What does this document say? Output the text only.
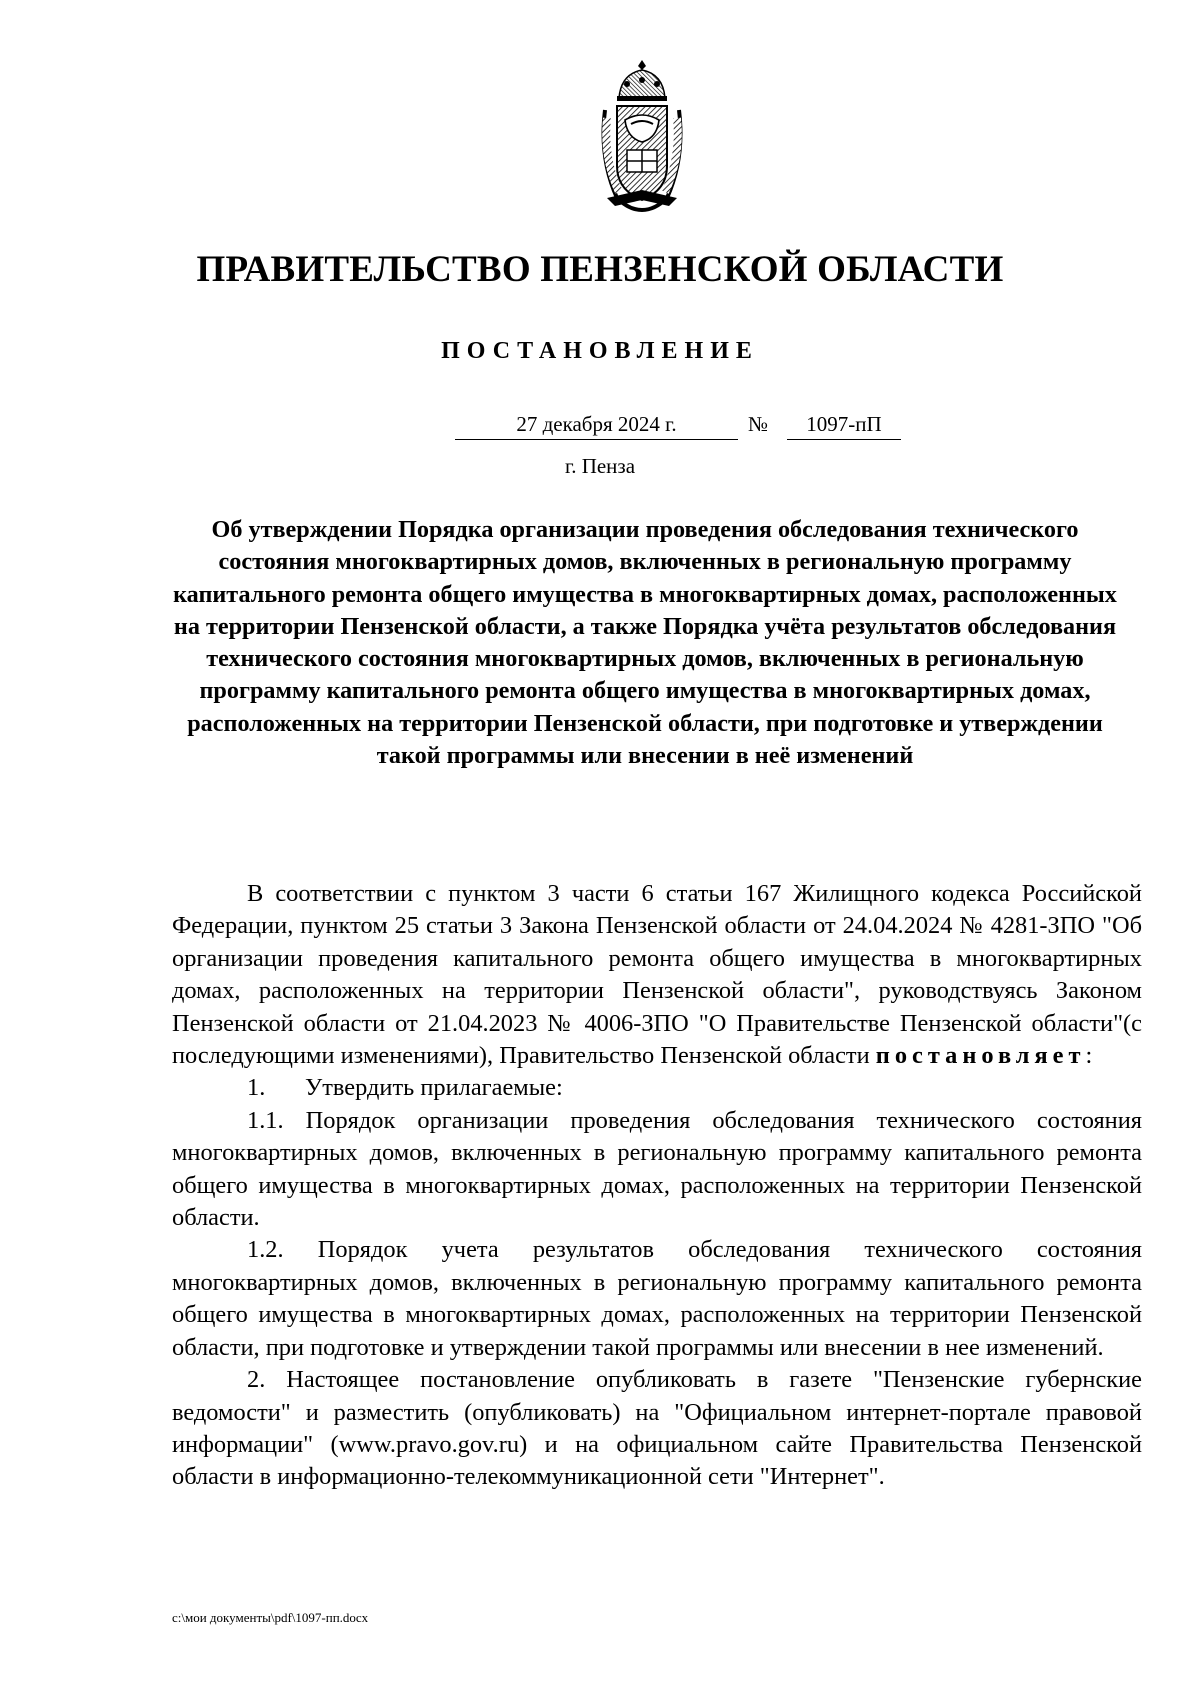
ПРАВИТЕЛЬСТВО ПЕНЗЕНСКОЙ ОБЛАСТИ
ПОСТАНОВЛЕНИЕ
27 декабря 2024 г.	№	1097-пП
г. Пенза
Об утверждении Порядка организации проведения обследования технического состояния многоквартирных домов, включенных в региональную программу капитального ремонта общего имущества в многоквартирных домах, расположенных на территории Пензенской области, а также Порядка учёта результатов обследования технического состояния многоквартирных домов, включенных в региональную программу капитального ремонта общего имущества в многоквартирных домах, расположенных на территории Пензенской области, при подготовке и утверждении такой программы или внесении в неё изменений

В соответствии с пунктом 3 части 6 статьи 167 Жилищного кодекса Российской Федерации, пунктом 25 статьи 3 Закона Пензенской области от 24.04.2024 № 4281-ЗПО "Об организации проведения капитального ремонта общего имущества в многоквартирных домах, расположенных на территории Пензенской области", руководствуясь Законом Пензенской области от 21.04.2023 № 4006-ЗПО "О Правительстве Пензенской области"(с последующими изменениями), Правительство Пензенской области постановляет:

1. Утвердить прилагаемые:

1.1. Порядок организации проведения обследования технического состояния многоквартирных домов, включенных в региональную программу капитального ремонта общего имущества в многоквартирных домах, расположенных на территории Пензенской области.

1.2. Порядок учета результатов обследования технического состояния многоквартирных домов, включенных в региональную программу капитального ремонта общего имущества в многоквартирных домах, расположенных на территории Пензенской области, при подготовке и утверждении такой программы или внесении в нее изменений.

2. Настоящее постановление опубликовать в газете "Пензенские губернские ведомости" и разместить (опубликовать) на "Официальном интернет-портале правовой информации" (www.pravo.gov.ru) и на официальном сайте Правительства Пензенской области в информационно-телекоммуникационной сети "Интернет".

c:\мои документы\pdf\1097-пп.docx
